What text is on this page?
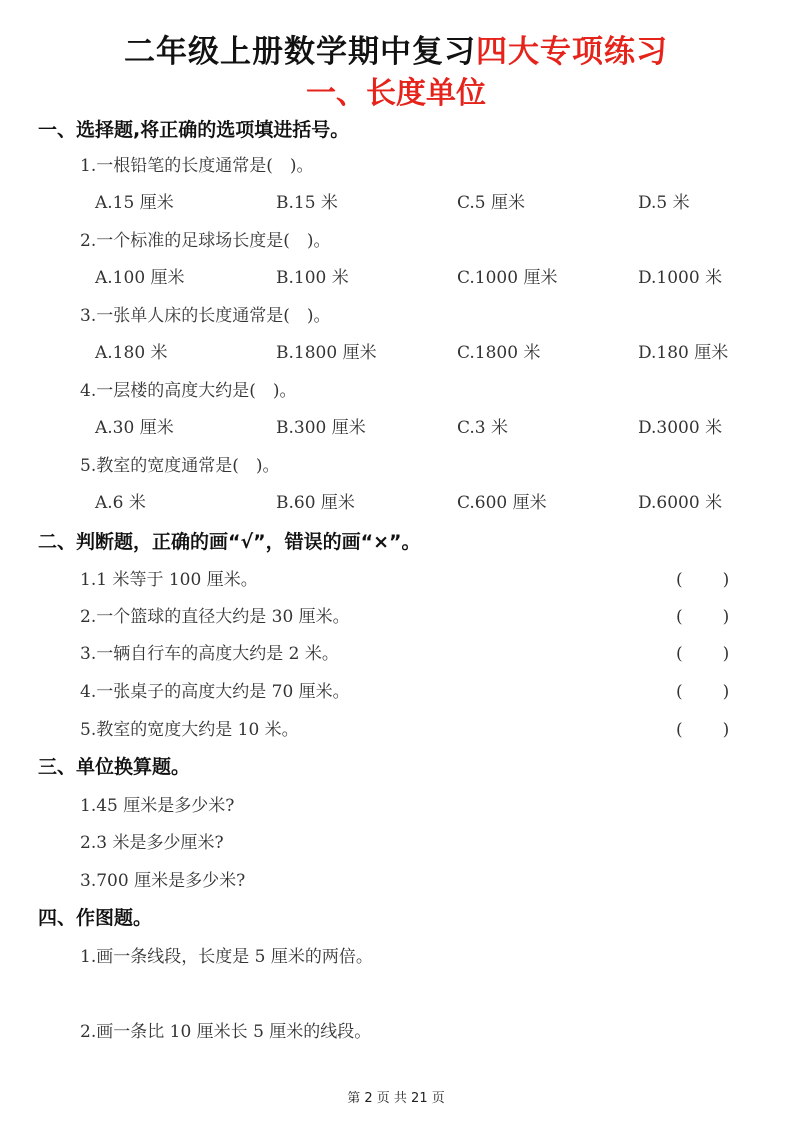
二年级上册数学期中复习四大专项练习
一、长度单位
一、选择题,将正确的选项填进括号。
1.一根铅笔的长度通常是(　)。
A.15 厘米	B.15 米	C.5 厘米	D.5 米
2.一个标准的足球场长度是(　)。
A.100 厘米	B.100 米	C.1000 厘米	D.1000 米
3.一张单人床的长度通常是(　)。
A.180 米	B.1800 厘米	C.1800 米	D.180 厘米
4.一层楼的高度大约是(　)。
A.30 厘米	B.300 厘米	C.3 米	D.3000 米
5.教室的宽度通常是(　)。
A.6 米	B.60 厘米	C.600 厘米	D.6000 米
二、判断题，正确的画“√”，错误的画“×”。
1.1 米等于 100 厘米。	(　　)
2.一个篮球的直径大约是 30 厘米。	(　　)
3.一辆自行车的高度大约是 2 米。	(　　)
4.一张桌子的高度大约是 70 厘米。	(　　)
5.教室的宽度大约是 10 米。	(　　)
三、单位换算题。
1.45 厘米是多少米?
2.3 米是多少厘米?
3.700 厘米是多少米?
四、作图题。
1.画一条线段，长度是 5 厘米的两倍。
2.画一条比 10 厘米长 5 厘米的线段。
第 2 页 共 21 页
